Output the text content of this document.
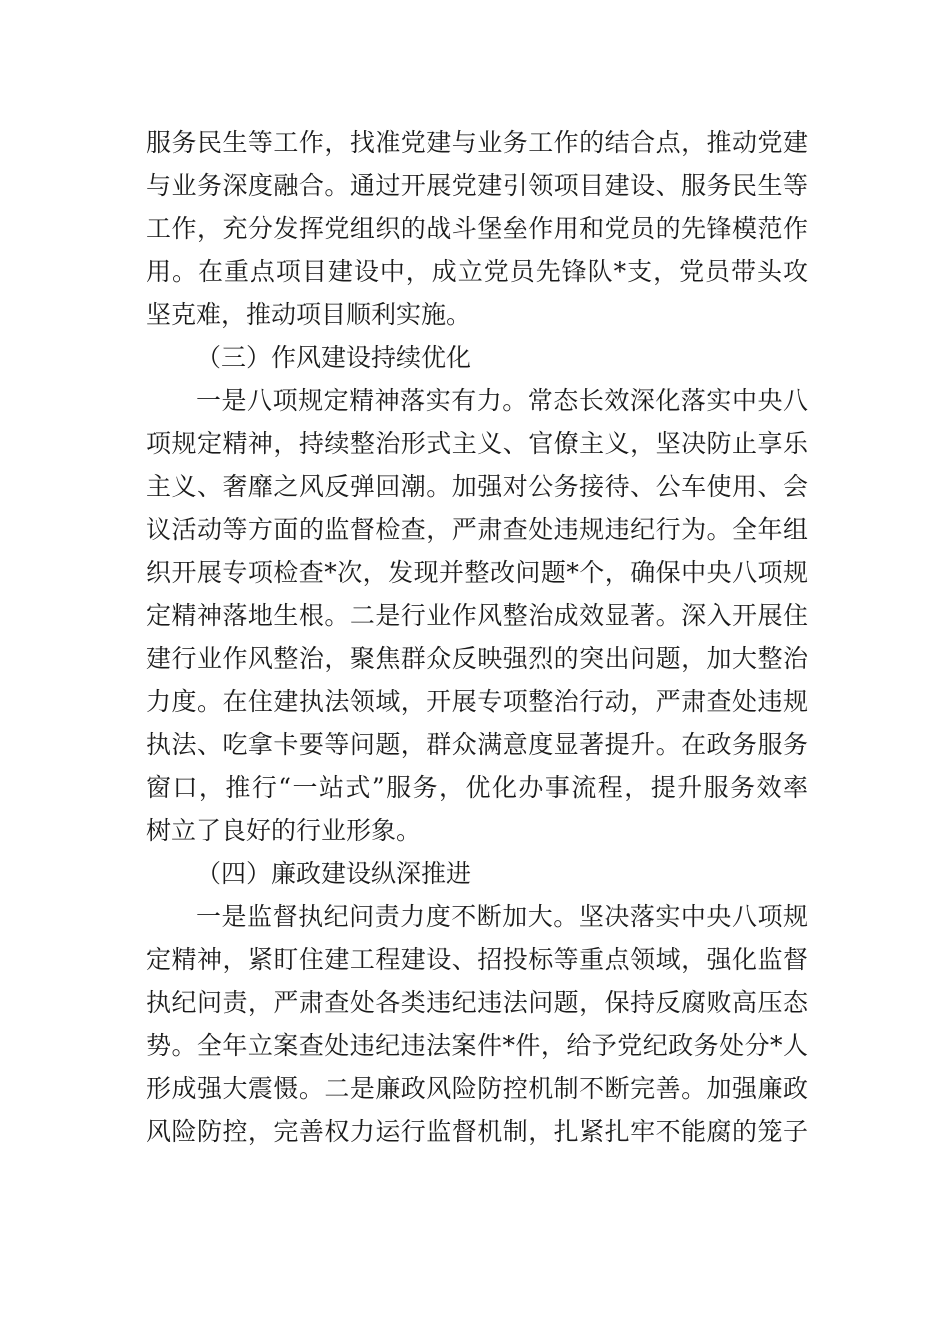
服务民生等工作，找准党建与业务工作的结合点，推动党建
与业务深度融合。通过开展党建引领项目建设、服务民生等
工作，充分发挥党组织的战斗堡垒作用和党员的先锋模范作
用。在重点项目建设中，成立党员先锋队*支，党员带头攻
坚克难，推动项目顺利实施。
（三）作风建设持续优化
一是八项规定精神落实有力。常态长效深化落实中央八
项规定精神，持续整治形式主义、官僚主义，坚决防止享乐
主义、奢靡之风反弹回潮。加强对公务接待、公车使用、会
议活动等方面的监督检查，严肃查处违规违纪行为。全年组
织开展专项检查*次，发现并整改问题*个，确保中央八项规
定精神落地生根。二是行业作风整治成效显著。深入开展住
建行业作风整治，聚焦群众反映强烈的突出问题，加大整治
力度。在住建执法领域，开展专项整治行动，严肃查处违规
执法、吃拿卡要等问题，群众满意度显著提升。在政务服务
窗口，推行“一站式”服务，优化办事流程，提升服务效率
树立了良好的行业形象。
（四）廉政建设纵深推进
一是监督执纪问责力度不断加大。坚决落实中央八项规
定精神，紧盯住建工程建设、招投标等重点领域，强化监督
执纪问责，严肃查处各类违纪违法问题，保持反腐败高压态
势。全年立案查处违纪违法案件*件，给予党纪政务处分*人
形成强大震慑。二是廉政风险防控机制不断完善。加强廉政
风险防控，完善权力运行监督机制，扎紧扎牢不能腐的笼子
